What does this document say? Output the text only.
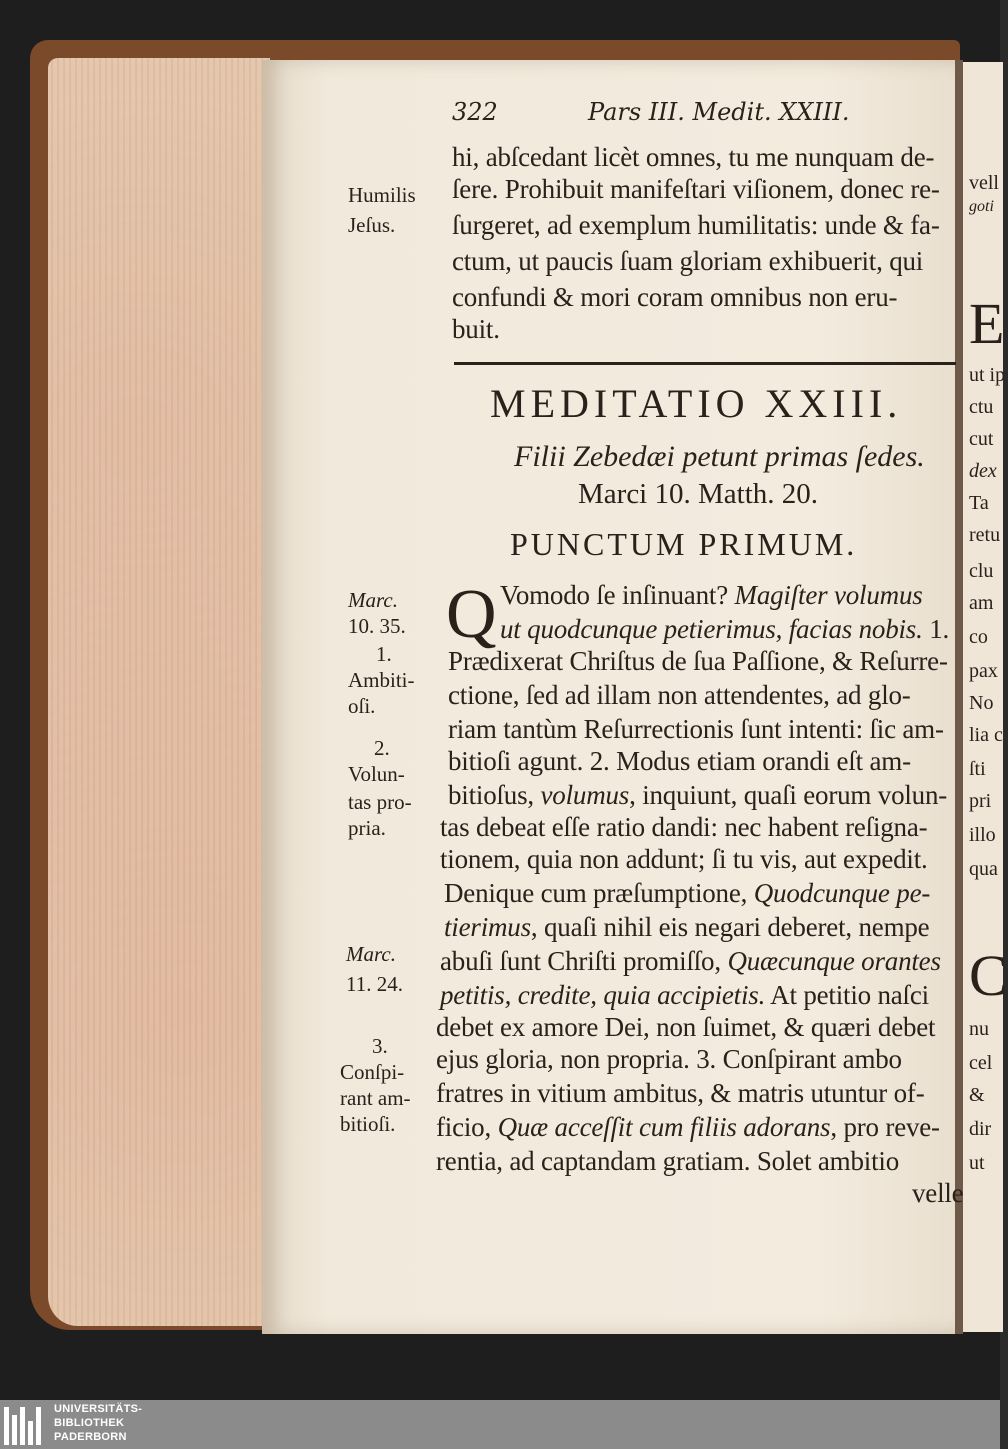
322	Pars III. Medit. XXIII.
hi, abſcedant licèt omnes, tu me nunquam de-
ſere. Prohibuit manifeſtari viſionem, donec re-
ſurgeret, ad exemplum humilitatis: unde & fa-
ctum, ut paucis ſuam gloriam exhibuerit, qui
confundi & mori coram omnibus non eru-
buit.
Humilis
Jeſus.
MEDITATIO XXIII.
Filii Zebedæi petunt primas ſedes.
Marci 10. Matth. 20.
PUNCTUM PRIMUM.
Q Vomodo ſe inſinuant? Magiſter volumus
ut quodcunque petierimus, facias nobis. 1.
Prædixerat Chriſtus de ſua Paſſione, & Reſurre-
ctione, ſed ad illam non attendentes, ad glo-
riam tantùm Reſurrectionis ſunt intenti: ſic am-
bitioſi agunt. 2. Modus etiam orandi eſt am-
bitioſus, volumus, inquiunt, quaſi eorum volun-
tas debeat eſſe ratio dandi: nec habent reſigna-
tionem, quia non addunt; ſi tu vis, aut expedit.
Denique cum præſumptione, Quodcunque pe-
tierimus, quaſi nihil eis negari deberet, nempe
abuſi ſunt Chriſti promiſſo, Quæcunque orantes
petitis, credite, quia accipietis. At petitio naſci
debet ex amore Dei, non ſuimet, & quæri debet
ejus gloria, non propria. 3. Conſpirant ambo
fratres in vitium ambitus, & matris utuntur of-
ficio, Quæ acceſſit cum filiis adorans, pro reve-
rentia, ad captandam gratiam. Solet ambitio
velle
Marc.
10. 35.
1.
Ambiti-
oſi.
2.
Volun-
tas pro-
pria.
Marc.
11. 24.
3.
Conſpi-
rant am-
bitioſi.
vell
goti
E
ut ip
ctu
cut
dex
Ta
retu
clu
am
co
pax
No
lia c
ſti
pri
illo
qua
C
nu
cel
&
dir
ut
UNIVERSITÄTS-
BIBLIOTHEK
PADERBORN
